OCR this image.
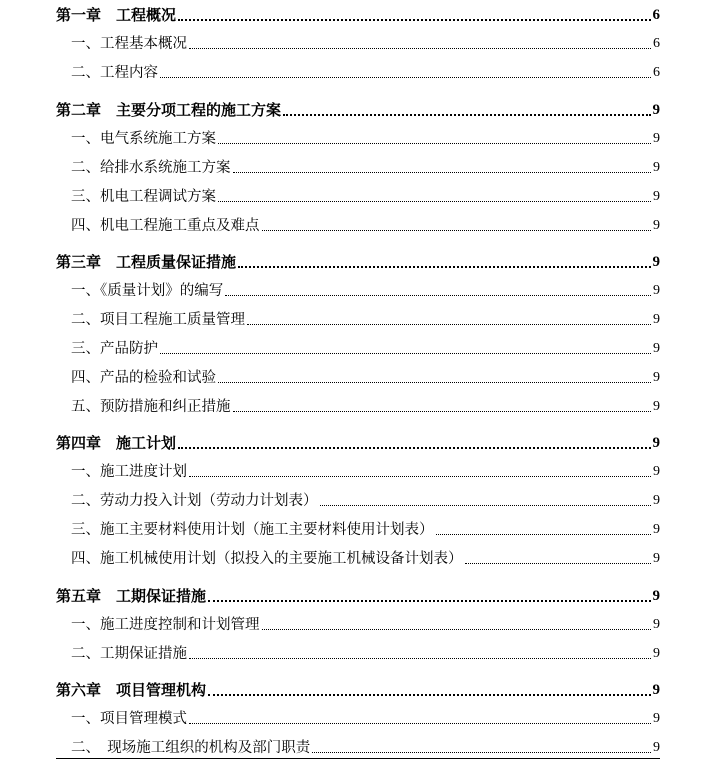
第一章　工程概况	6
一、工程基本概况	6
二、工程内容	6
第二章　主要分项工程的施工方案	9
一、电气系统施工方案	9
二、给排水系统施工方案	9
三、机电工程调试方案	9
四、机电工程施工重点及难点	9
第三章　工程质量保证措施	9
一、《质量计划》的编写	9
二、项目工程施工质量管理	9
三、产品防护	9
四、产品的检验和试验	9
五、预防措施和纠正措施	9
第四章　施工计划	9
一、施工进度计划	9
二、劳动力投入计划（劳动力计划表）	9
三、施工主要材料使用计划（施工主要材料使用计划表）	9
四、施工机械使用计划（拟投入的主要施工机械设备计划表）	9
第五章　工期保证措施	9
一、施工进度控制和计划管理	9
二、工期保证措施	9
第六章　项目管理机构	9
一、项目管理模式	9
二、　现场施工组织的机构及部门职责	9
